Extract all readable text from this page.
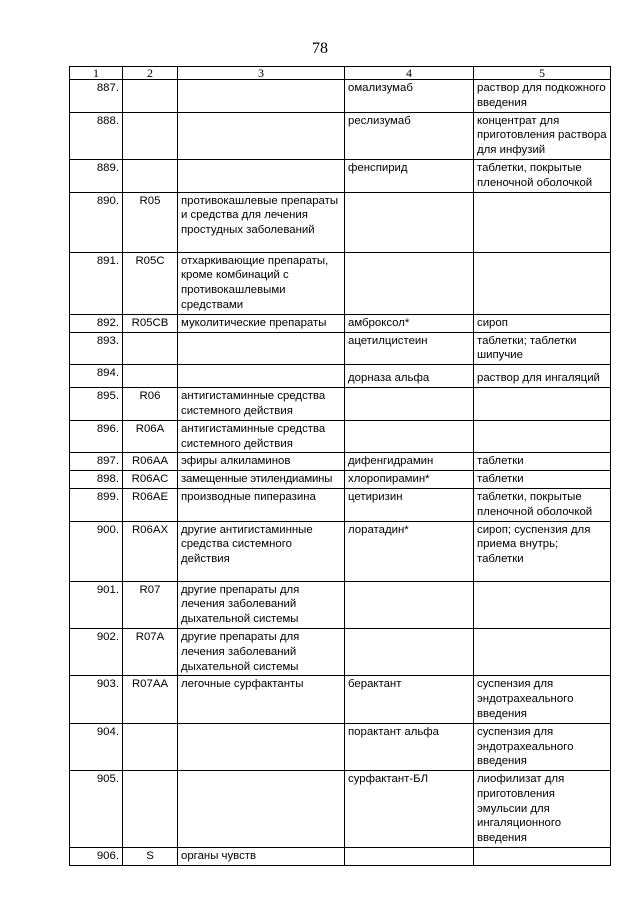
78
1	2	3	4	5
887.			омализумаб	раствор для подкожного введения
888.			реслизумаб	концентрат для приготовления раствора для инфузий
889.			фенспирид	таблетки, покрытые пленочной оболочкой
890.	R05	противокашлевые препараты и средства для лечения простудных заболеваний		
891.	R05C	отхаркивающие препараты, кроме комбинаций с противокашлевыми средствами		
892.	R05CB	муколитические препараты	амброксол*	сироп
893.			ацетилцистеин	таблетки; таблетки шипучие
894.			дорназа альфа	раствор для ингаляций
895.	R06	антигистаминные средства системного действия		
896.	R06A	антигистаминные средства системного действия		
897.	R06AA	эфиры алкиламинов	дифенгидрамин	таблетки
898.	R06AC	замещенные этилендиамины	хлоропирамин*	таблетки
899.	R06AE	производные пиперазина	цетиризин	таблетки, покрытые пленочной оболочкой
900.	R06AX	другие антигистаминные средства системного действия	лоратадин*	сироп; суспензия для приема внутрь; таблетки
901.	R07	другие препараты для лечения заболеваний дыхательной системы		
902.	R07A	другие препараты для лечения заболеваний дыхательной системы		
903.	R07AA	легочные сурфактанты	берактант	суспензия для эндотрахеального введения
904.			порактант альфа	суспензия для эндотрахеального введения
905.			сурфактант-БЛ	лиофилизат для приготовления эмульсии для ингаляционного введения
906.	S	органы чувств		
